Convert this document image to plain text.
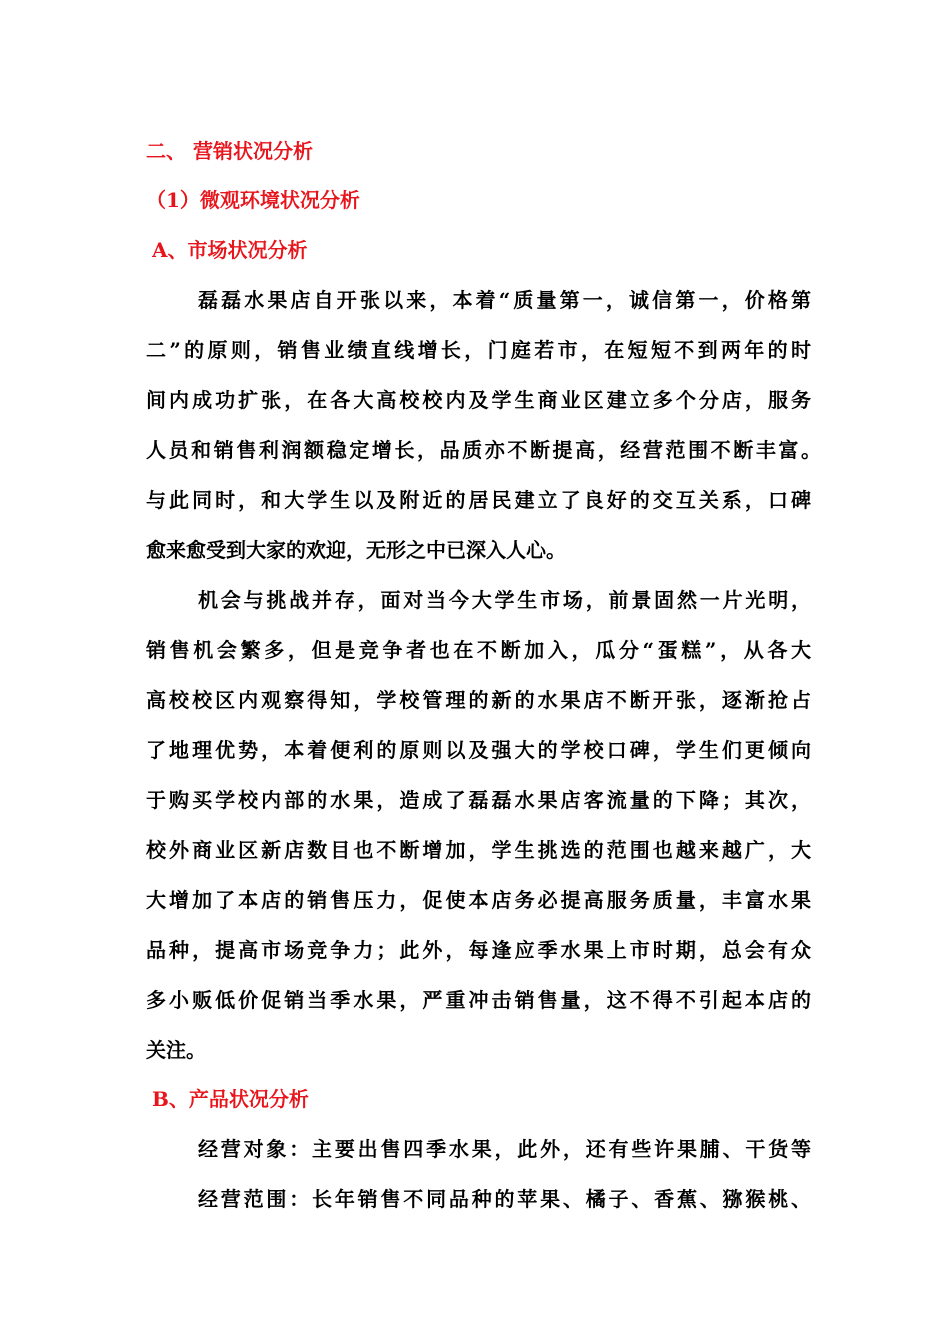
二、 营销状况分析
（1）微观环境状况分析
A、市场状况分析
磊磊水果店自开张以来，本着“质量第一，诚信第一，价格第
二”的原则，销售业绩直线增长，门庭若市，在短短不到两年的时
间内成功扩张，在各大高校校内及学生商业区建立多个分店，服务
人员和销售利润额稳定增长，品质亦不断提高，经营范围不断丰富。
与此同时，和大学生以及附近的居民建立了良好的交互关系，口碑
愈来愈受到大家的欢迎，无形之中已深入人心。
机会与挑战并存，面对当今大学生市场，前景固然一片光明，
销售机会繁多，但是竞争者也在不断加入，瓜分“蛋糕”，从各大
高校校区内观察得知，学校管理的新的水果店不断开张，逐渐抢占
了地理优势，本着便利的原则以及强大的学校口碑，学生们更倾向
于购买学校内部的水果，造成了磊磊水果店客流量的下降；其次，
校外商业区新店数目也不断增加，学生挑选的范围也越来越广，大
大增加了本店的销售压力，促使本店务必提高服务质量，丰富水果
品种，提高市场竞争力；此外，每逢应季水果上市时期，总会有众
多小贩低价促销当季水果，严重冲击销售量，这不得不引起本店的
关注。
B、产品状况分析
经营对象：主要出售四季水果，此外，还有些许果脯、干货等
经营范围：长年销售不同品种的苹果、橘子、香蕉、猕猴桃、
